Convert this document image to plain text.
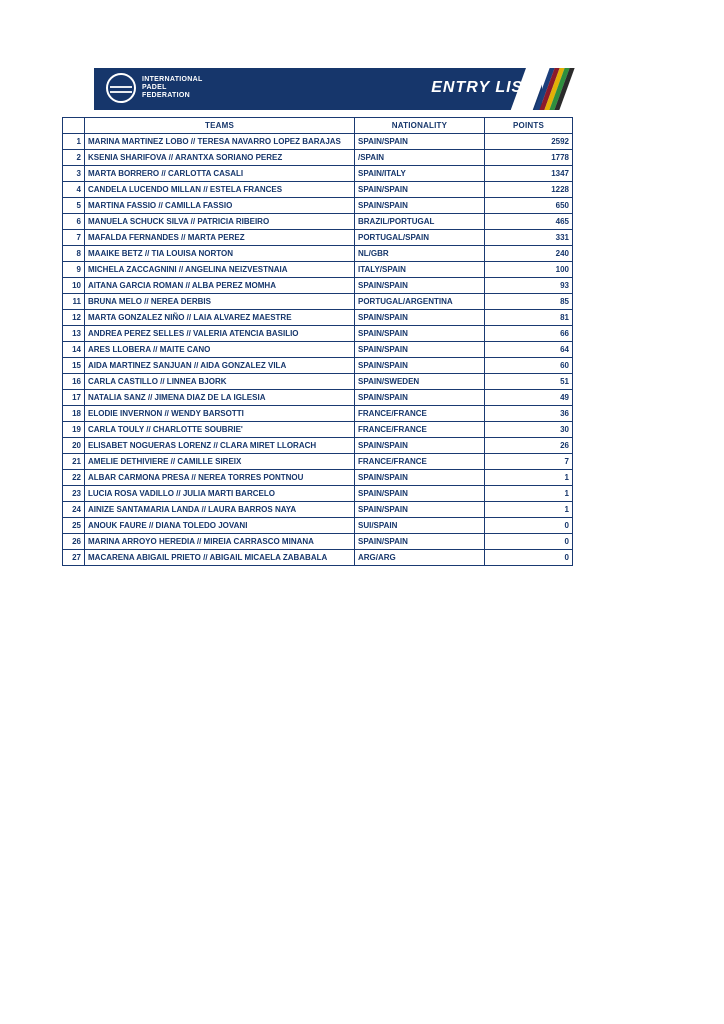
INTERNATIONAL
PADEL
FEDERATION	ENTRY LIST
	TEAMS	NATIONALITY	POINTS
1	MARINA MARTINEZ LOBO // TERESA NAVARRO LOPEZ BARAJAS	SPAIN/SPAIN	2592
2	KSENIA SHARIFOVA // ARANTXA SORIANO PEREZ	/SPAIN	1778
3	MARTA BORRERO // CARLOTTA CASALI	SPAIN/ITALY	1347
4	CANDELA LUCENDO MILLAN // ESTELA FRANCES	SPAIN/SPAIN	1228
5	MARTINA FASSIO // CAMILLA FASSIO	SPAIN/SPAIN	650
6	MANUELA SCHUCK SILVA // PATRICIA RIBEIRO	BRAZIL/PORTUGAL	465
7	MAFALDA FERNANDES // MARTA PEREZ	PORTUGAL/SPAIN	331
8	MAAIKE BETZ // TIA LOUISA NORTON	NL/GBR	240
9	MICHELA ZACCAGNINI // ANGELINA NEIZVESTNAIA	ITALY/SPAIN	100
10	AITANA GARCIA ROMAN // ALBA PEREZ MOMHA	SPAIN/SPAIN	93
11	BRUNA MELO // NEREA DERBIS	PORTUGAL/ARGENTINA	85
12	MARTA GONZALEZ NIÑO // LAIA ALVAREZ MAESTRE	SPAIN/SPAIN	81
13	ANDREA PEREZ SELLES // VALERIA ATENCIA BASILIO	SPAIN/SPAIN	66
14	ARES LLOBERA // MAITE CANO	SPAIN/SPAIN	64
15	AIDA MARTINEZ SANJUAN // AIDA GONZALEZ VILA	SPAIN/SPAIN	60
16	CARLA CASTILLO // LINNEA BJORK	SPAIN/SWEDEN	51
17	NATALIA SANZ // JIMENA DIAZ DE LA IGLESIA	SPAIN/SPAIN	49
18	ELODIE INVERNON // WENDY BARSOTTI	FRANCE/FRANCE	36
19	CARLA TOULY // CHARLOTTE SOUBRIE'	FRANCE/FRANCE	30
20	ELISABET NOGUERAS LORENZ // CLARA MIRET LLORACH	SPAIN/SPAIN	26
21	AMELIE DETHIVIERE // CAMILLE SIREIX	FRANCE/FRANCE	7
22	ALBAR CARMONA PRESA // NEREA TORRES PONTNOU	SPAIN/SPAIN	1
23	LUCIA ROSA VADILLO // JULIA MARTI BARCELO	SPAIN/SPAIN	1
24	AINIZE SANTAMARIA LANDA // LAURA BARROS NAYA	SPAIN/SPAIN	1
25	ANOUK FAURE // DIANA TOLEDO JOVANI	SUI/SPAIN	0
26	MARINA ARROYO HEREDIA // MIREIA CARRASCO MINANA	SPAIN/SPAIN	0
27	MACARENA ABIGAIL PRIETO // ABIGAIL MICAELA ZABABALA	ARG/ARG	0
